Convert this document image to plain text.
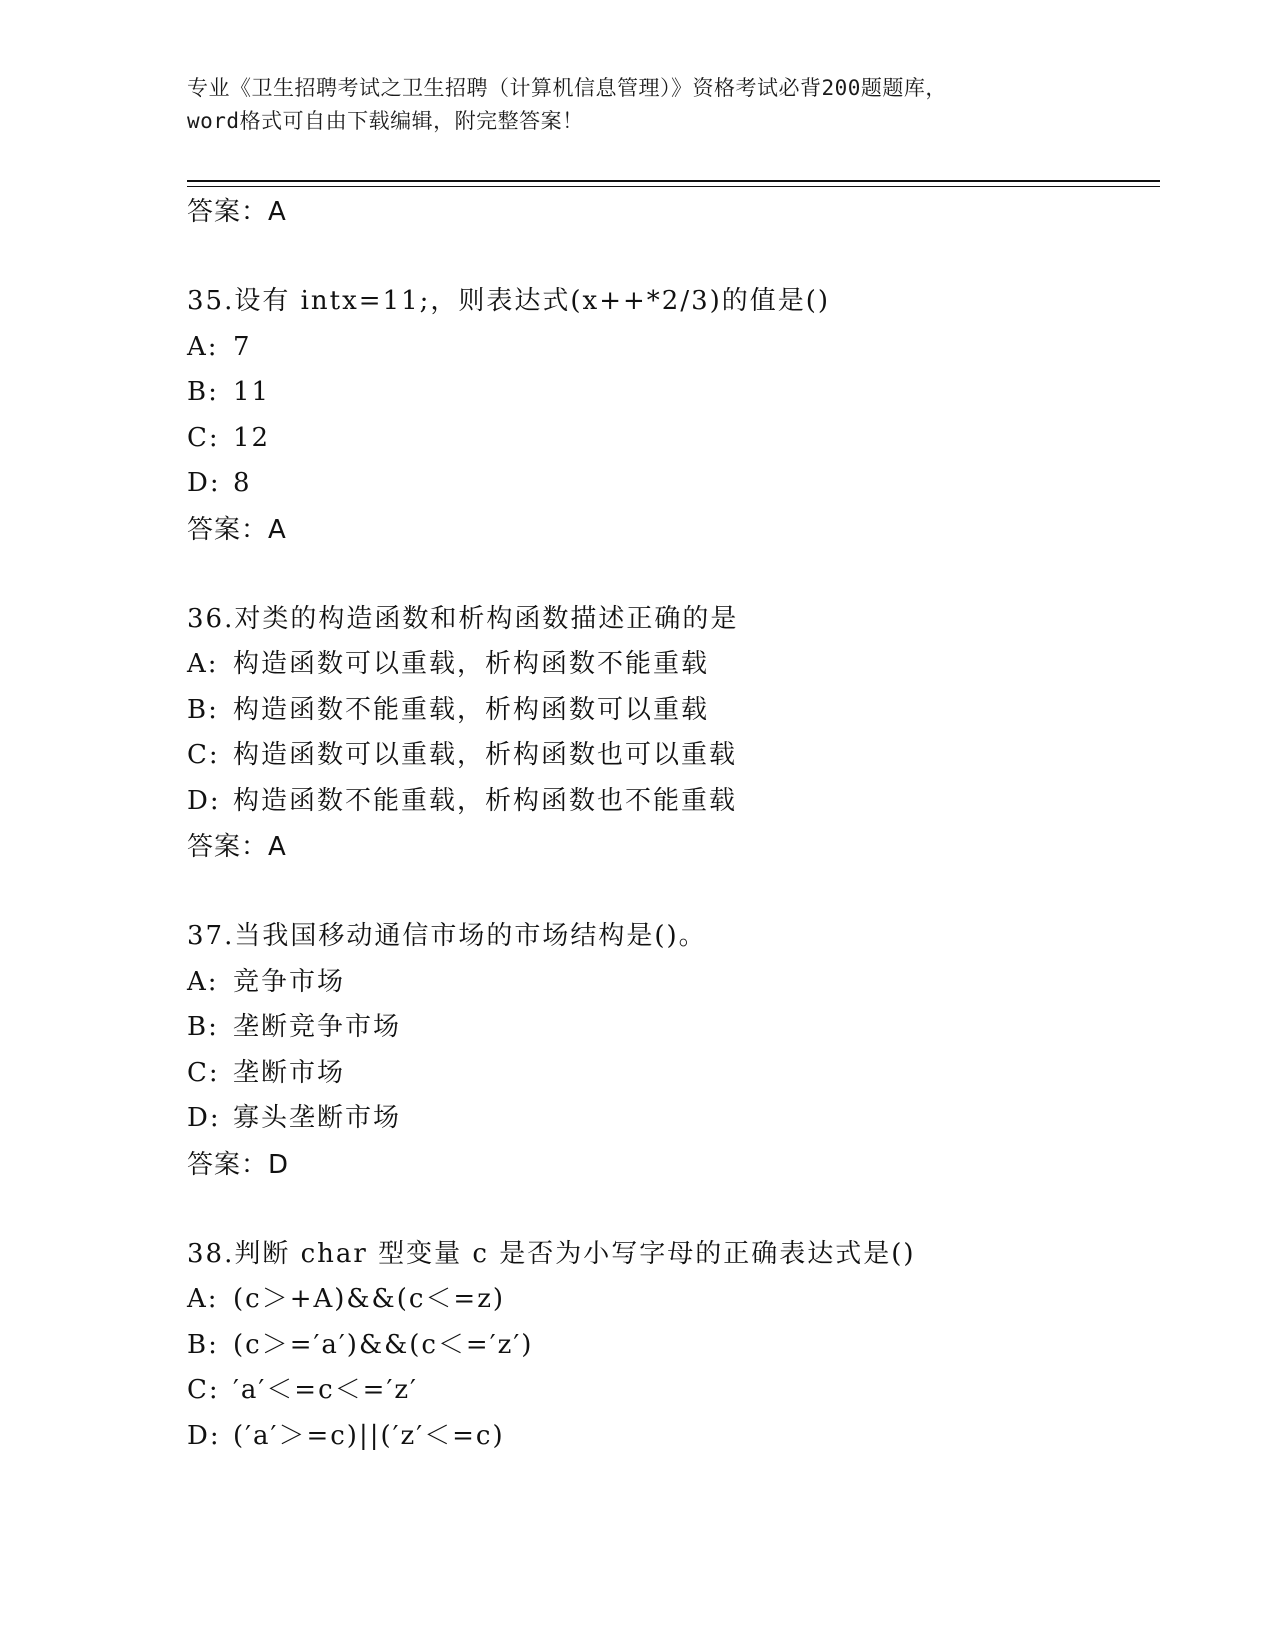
专业《卫生招聘考试之卫生招聘（计算机信息管理）》资格考试必背200题题库，
word格式可自由下载编辑，附完整答案！
答案：A
35.设有 intx=11;，则表达式(x++*2/3)的值是()
A: 7
B: 11
C: 12
D: 8
答案：A
36.对类的构造函数和析构函数描述正确的是
A: 构造函数可以重载，析构函数不能重载
B: 构造函数不能重载，析构函数可以重载
C: 构造函数可以重载，析构函数也可以重载
D: 构造函数不能重载，析构函数也不能重载
答案：A
37.当我国移动通信市场的市场结构是()。
A: 竞争市场
B: 垄断竞争市场
C: 垄断市场
D: 寡头垄断市场
答案：D
38.判断 char 型变量 c 是否为小写字母的正确表达式是()
A: (c＞+A)&&(c＜=z)
B: (c＞=′a′)&&(c＜=′z′)
C: ′a′＜=c＜=′z′
D: (′a′＞=c)||(′z′＜=c)
